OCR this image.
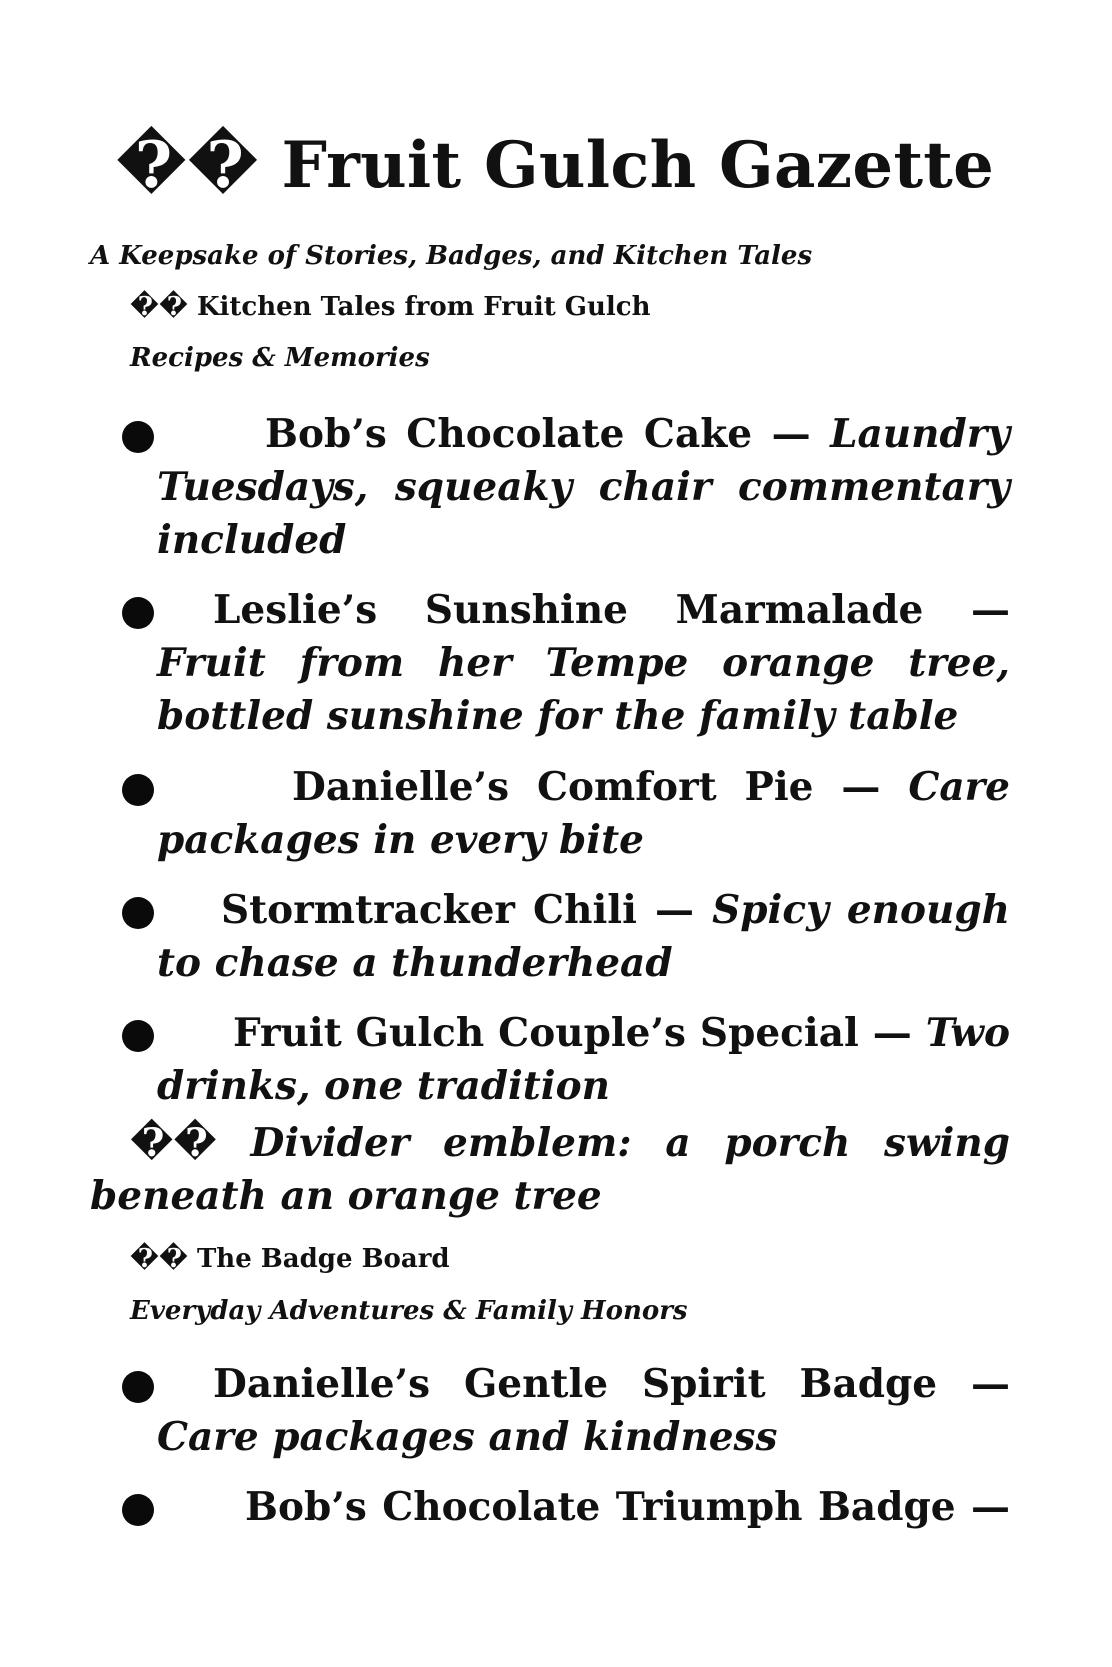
�� Fruit Gulch Gazette
A Keepsake of Stories, Badges, and Kitchen Tales
�� Kitchen Tales from Fruit Gulch
Recipes & Memories
Bob’s Chocolate Cake — Laundry Tuesdays, squeaky chair commentary included
Leslie’s Sunshine Marmalade — Fruit from her Tempe orange tree, bottled sunshine for the family table
Danielle’s Comfort Pie — Care packages in every bite
Stormtracker Chili — Spicy enough to chase a thunderhead
Fruit Gulch Couple’s Special — Two drinks, one tradition
�� Divider emblem: a porch swing beneath an orange tree
�� The Badge Board
Everyday Adventures & Family Honors
Danielle’s Gentle Spirit Badge — Care packages and kindness
Bob’s Chocolate Triumph Badge —
